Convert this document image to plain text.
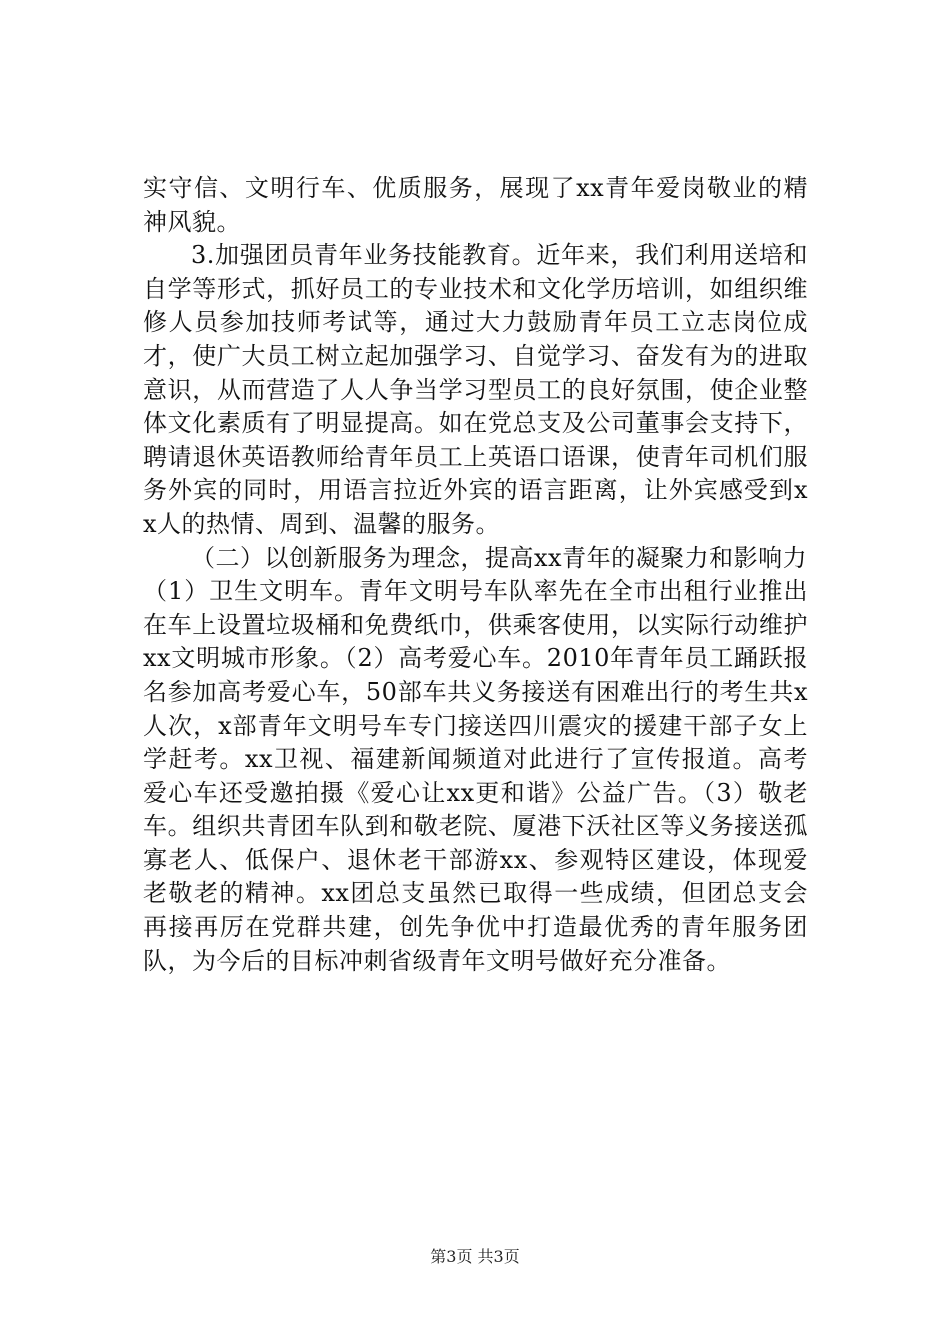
实守信、文明行车、优质服务，展现了xx青年爱岗敬业的精神风貌。

3.加强团员青年业务技能教育。近年来，我们利用送培和自学等形式，抓好员工的专业技术和文化学历培训，如组织维修人员参加技师考试等，通过大力鼓励青年员工立志岗位成才，使广大员工树立起加强学习、自觉学习、奋发有为的进取意识，从而营造了人人争当学习型员工的良好氛围，使企业整体文化素质有了明显提高。如在党总支及公司董事会支持下，聘请退休英语教师给青年员工上英语口语课，使青年司机们服务外宾的同时，用语言拉近外宾的语言距离，让外宾感受到xx人的热情、周到、温馨的服务。

（二）以创新服务为理念，提高xx青年的凝聚力和影响力

（1）卫生文明车。青年文明号车队率先在全市出租行业推出在车上设置垃圾桶和免费纸巾，供乘客使用，以实际行动维护xx文明城市形象。（2）高考爱心车。2010年青年员工踊跃报名参加高考爱心车，50部车共义务接送有困难出行的考生共x人次，x部青年文明号车专门接送四川震灾的援建干部子女上学赶考。xx卫视、福建新闻频道对此进行了宣传报道。高考爱心车还受邀拍摄《爱心让xx更和谐》公益广告。（3）敬老车。组织共青团车队到和敬老院、厦港下沃社区等义务接送孤寡老人、低保户、退休老干部游xx、参观特区建设，体现爱老敬老的精神。xx团总支虽然已取得一些成绩，但团总支会再接再厉在党群共建，创先争优中打造最优秀的青年服务团队，为今后的目标冲刺省级青年文明号做好充分准备。

第3页 共3页
